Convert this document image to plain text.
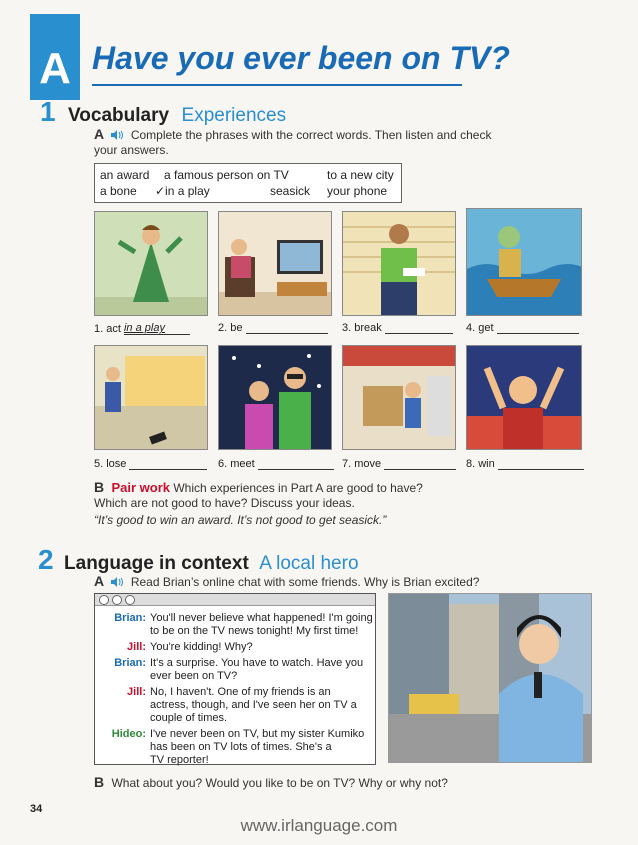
A Have you ever been on TV?
1 Vocabulary Experiences
A Complete the phrases with the correct words. Then listen and check
your answers.
an award a famous person on TV	to a new city
a bone ✓in a play	seasick your phone
1. act in a play	2. be	3. break	4. get
5. lose	6. meet	7. move	8. win
B Pair work Which experiences in Part A are good to have?
Which are not good to have? Discuss your ideas.
“It’s good to win an award. It’s not good to get seasick.”
2 Language in context A local hero
A Read Brian’s online chat with some friends. Why is Brian excited?
Brian: You'll never believe what happened! I'm going
to be on the TV news tonight! My first time!
Jill: You're kidding! Why?
Brian: It's a surprise. You have to watch. Have you
ever been on TV?
Jill: No, I haven't. One of my friends is an
actress, though, and I've seen her on TV a
couple of times.
Hideo: I've never been on TV, but my sister Kumiko
has been on TV lots of times. She's a
TV reporter!
B What about you? Would you like to be on TV? Why or why not?
34
www.irlanguage.com
